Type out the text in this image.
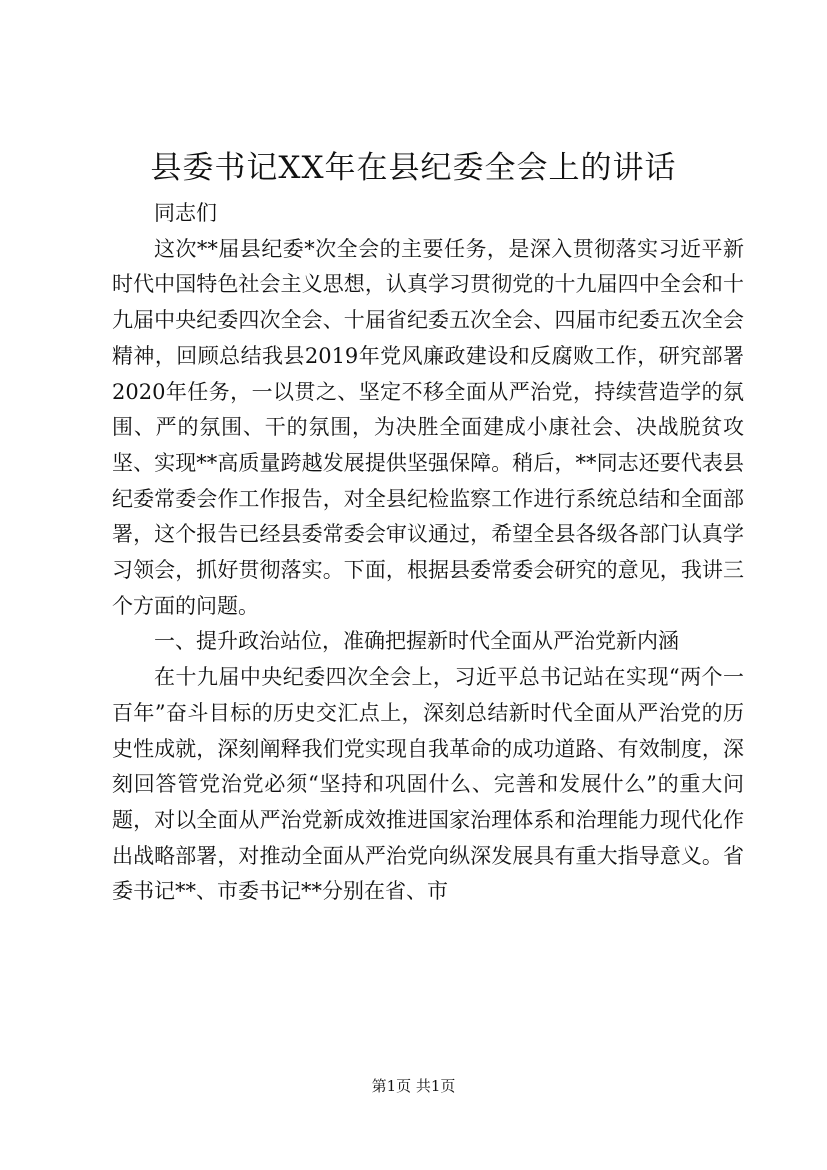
县委书记XX年在县纪委全会上的讲话

同志们

这次**届县纪委*次全会的主要任务，是深入贯彻落实习近平新时代中国特色社会主义思想，认真学习贯彻党的十九届四中全会和十九届中央纪委四次全会、十届省纪委五次全会、四届市纪委五次全会精神，回顾总结我县2019年党风廉政建设和反腐败工作，研究部署2020年任务，一以贯之、坚定不移全面从严治党，持续营造学的氛围、严的氛围、干的氛围，为决胜全面建成小康社会、决战脱贫攻坚、实现**高质量跨越发展提供坚强保障。稍后，**同志还要代表县纪委常委会作工作报告，对全县纪检监察工作进行系统总结和全面部署，这个报告已经县委常委会审议通过，希望全县各级各部门认真学习领会，抓好贯彻落实。下面，根据县委常委会研究的意见，我讲三个方面的问题。

一、提升政治站位，准确把握新时代全面从严治党新内涵

在十九届中央纪委四次全会上，习近平总书记站在实现“两个一百年”奋斗目标的历史交汇点上，深刻总结新时代全面从严治党的历史性成就，深刻阐释我们党实现自我革命的成功道路、有效制度，深刻回答管党治党必须“坚持和巩固什么、完善和发展什么”的重大问题，对以全面从严治党新成效推进国家治理体系和治理能力现代化作出战略部署，对推动全面从严治党向纵深发展具有重大指导意义。省委书记**、市委书记**分别在省、市

第1页 共1页
